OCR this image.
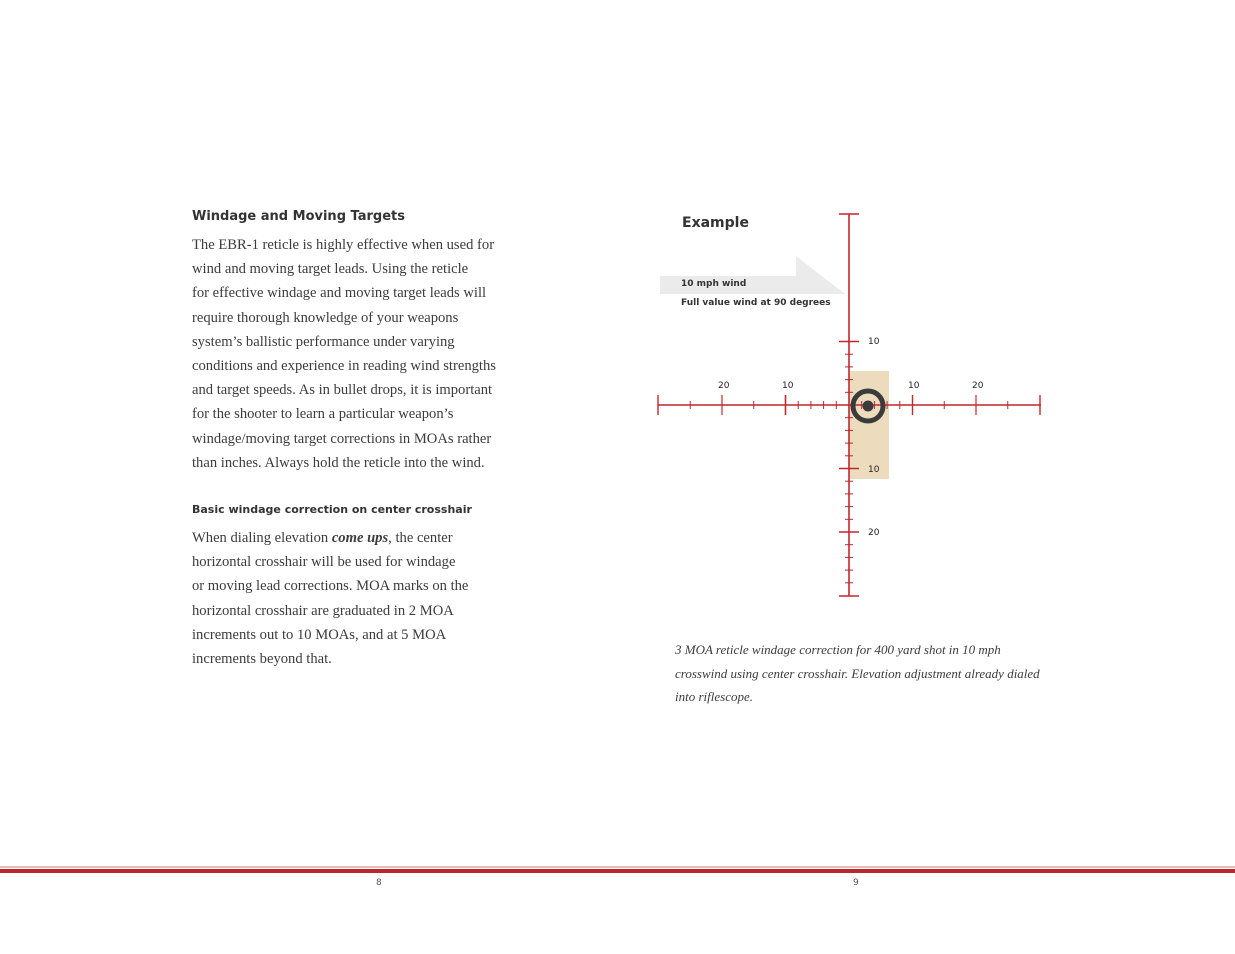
Windage and Moving Targets

The EBR-1 reticle is highly effective when used for
wind and moving target leads. Using the reticle
for effective windage and moving target leads will
require thorough knowledge of your weapons
system’s ballistic performance under varying
conditions and experience in reading wind strengths
and target speeds. As in bullet drops, it is important
for the shooter to learn a particular weapon’s
windage/moving target corrections in MOAs rather
than inches. Always hold the reticle into the wind.

Basic windage correction on center crosshair

When dialing elevation come ups, the center
horizontal crosshair will be used for windage
or moving lead corrections. MOA marks on the
horizontal crosshair are graduated in 2 MOA
increments out to 10 MOAs, and at 5 MOA
increments beyond that.

10
20	10	10	20
10
20
Example
10 mph wind
Full value wind at 90 degrees

3 MOA reticle windage correction for 400 yard shot in 10 mph
crosswind using center crosshair. Elevation adjustment already dialed
into riflescope.

8	9
